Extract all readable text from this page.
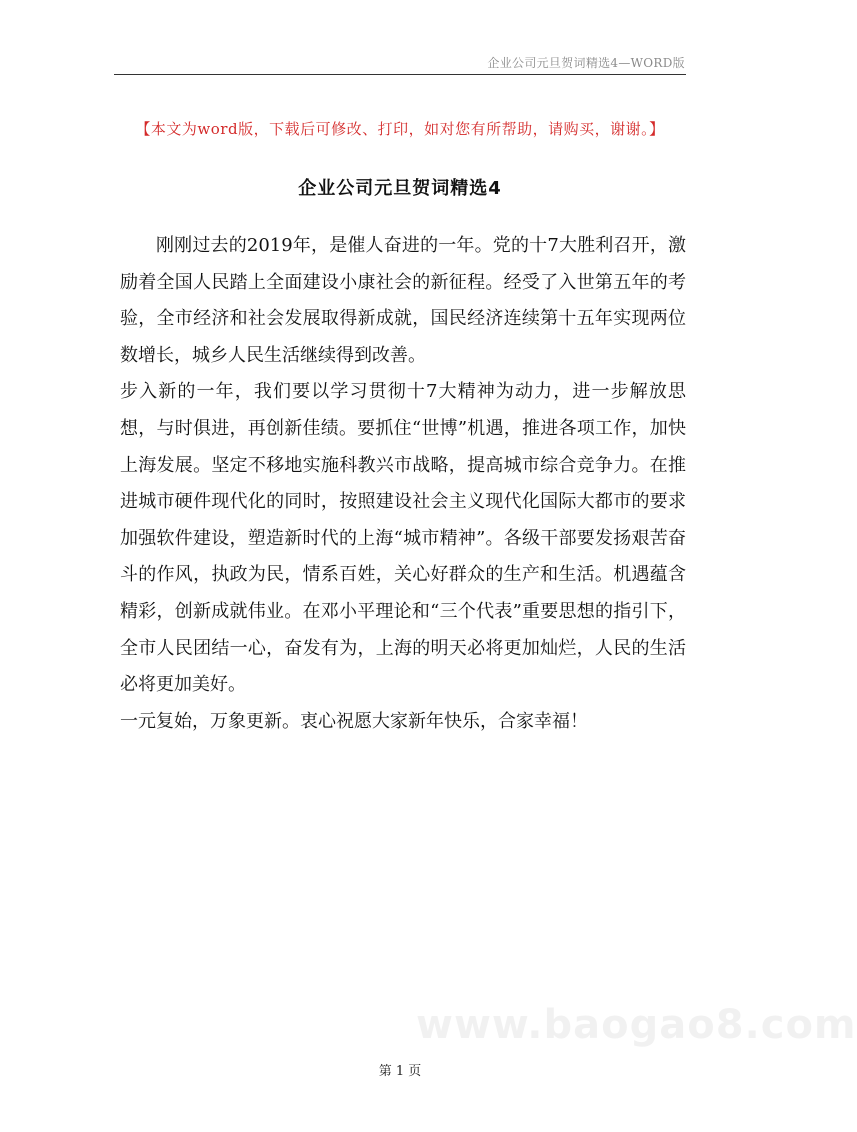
企业公司元旦贺词精选4—WORD版
【本文为word版，下载后可修改、打印，如对您有所帮助，请购买，谢谢。】
企业公司元旦贺词精选4

刚刚过去的2019年，是催人奋进的一年。党的十7大胜利召开，激励着全国人民踏上全面建设小康社会的新征程。经受了入世第五年的考验，全市经济和社会发展取得新成就，国民经济连续第十五年实现两位数增长，城乡人民生活继续得到改善。

步入新的一年，我们要以学习贯彻十7大精神为动力，进一步解放思想，与时俱进，再创新佳绩。要抓住“世博”机遇，推进各项工作，加快上海发展。坚定不移地实施科教兴市战略，提高城市综合竞争力。在推进城市硬件现代化的同时，按照建设社会主义现代化国际大都市的要求加强软件建设，塑造新时代的上海“城市精神”。各级干部要发扬艰苦奋斗的作风，执政为民，情系百姓，关心好群众的生产和生活。机遇蕴含精彩，创新成就伟业。在邓小平理论和“三个代表”重要思想的指引下，全市人民团结一心，奋发有为，上海的明天必将更加灿烂，人民的生活必将更加美好。

一元复始，万象更新。衷心祝愿大家新年快乐，合家幸福！

www.baogao8.com
第 1 页
